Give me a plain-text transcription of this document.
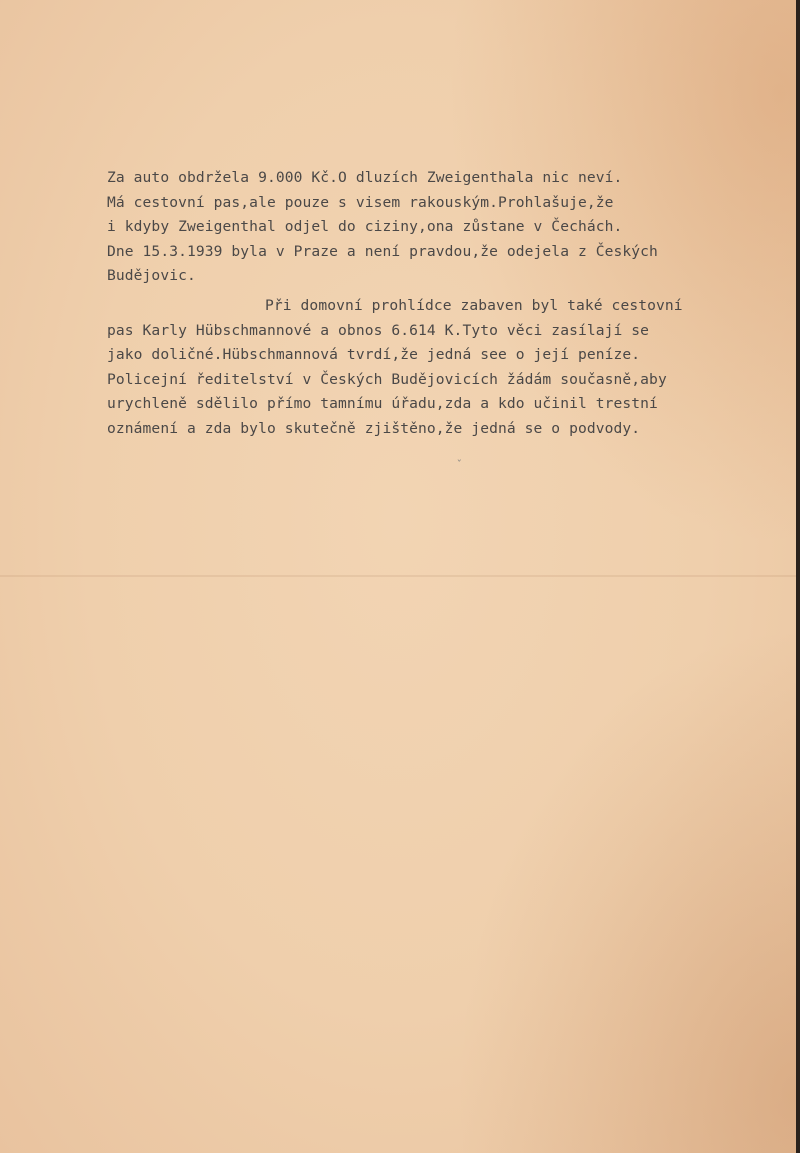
Za auto obdržela 9.000 Kč.O dluzích Zweigenthala nic neví.
Má cestovní pas,ale pouze s visem rakouským.Prohlašuje,že
i kdyby Zweigenthal odjel do ciziny,ona zůstane v Čechách.
Dne 15.3.1939 byla v Praze a není pravdou,že odejela z Českých
Budějovic.
Při domovní prohlídce zabaven byl také cestovní
pas Karly Hübschmannové a obnos 6.614 K.Tyto věci zasílají se
jako doličné.Hübschmannová tvrdí,že jedná see o její peníze.
Policejní ředitelství v Českých Budějovicích žádám současně,aby
urychleně sdělilo přímo tamnímu úřadu,zda a kdo učinil trestní
oznámení a zda bylo skutečně zjištěno,že jedná se o podvody.
ˇ
